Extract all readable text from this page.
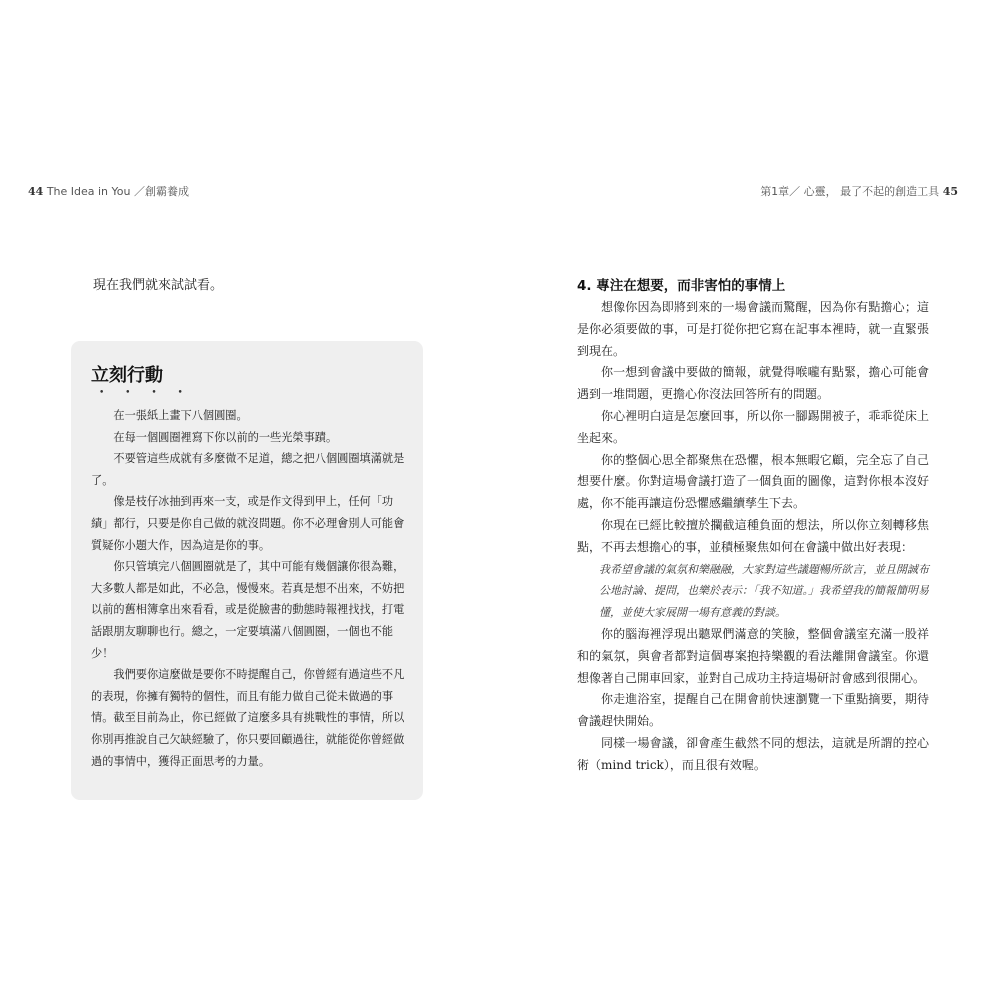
44 The Idea in You ／創霸養成	第1章／ 心靈， 最了不起的創造工具 45
現在我們就來試試看。
立刻行動
• • • •

在一張紙上畫下八個圓圈。

在每一個圓圈裡寫下你以前的一些光榮事蹟。

不要管這些成就有多麼微不足道，總之把八個圓圈填滿就是了。

像是枝仔冰抽到再來一支，或是作文得到甲上，任何「功績」都行，只要是你自己做的就沒問題。你不必理會別人可能會質疑你小題大作，因為這是你的事。

你只管填完八個圓圈就是了，其中可能有幾個讓你很為難，大多數人都是如此，不必急，慢慢來。若真是想不出來，不妨把以前的舊相簿拿出來看看，或是從臉書的動態時報裡找找，打電話跟朋友聊聊也行。總之，一定要填滿八個圓圈，一個也不能少！

我們要你這麼做是要你不時提醒自己，你曾經有過這些不凡的表現，你擁有獨特的個性，而且有能力做自己從未做過的事情。截至目前為止，你已經做了這麼多具有挑戰性的事情，所以你別再推說自己欠缺經驗了，你只要回顧過往，就能從你曾經做過的事情中，獲得正面思考的力量。

4. 專注在想要，而非害怕的事情上

想像你因為即將到來的一場會議而驚醒，因為你有點擔心；這是你必須要做的事，可是打從你把它寫在記事本裡時，就一直緊張到現在。

你一想到會議中要做的簡報，就覺得喉嚨有點緊，擔心可能會遇到一堆問題，更擔心你沒法回答所有的問題。

你心裡明白這是怎麼回事，所以你一腳踢開被子，乖乖從床上坐起來。

你的整個心思全都聚焦在恐懼，根本無暇它顧，完全忘了自己想要什麼。你對這場會議打造了一個負面的圖像，這對你根本沒好處，你不能再讓這份恐懼感繼續孳生下去。

你現在已經比較擅於攔截這種負面的想法，所以你立刻轉移焦點，不再去想擔心的事，並積極聚焦如何在會議中做出好表現：

我希望會議的氣氛和樂融融，大家對這些議題暢所欲言，並且開誠布公地討論、提問，也樂於表示：「我不知道。」我希望我的簡報簡明易懂，並使大家展開一場有意義的對談。

你的腦海裡浮現出聽眾們滿意的笑臉，整個會議室充滿一股祥和的氣氛，與會者都對這個專案抱持樂觀的看法離開會議室。你還想像著自己開車回家，並對自己成功主持這場研討會感到很開心。

你走進浴室，提醒自己在開會前快速瀏覽一下重點摘要，期待會議趕快開始。

同樣一場會議，卻會產生截然不同的想法，這就是所謂的控心術（mind trick），而且很有效喔。
